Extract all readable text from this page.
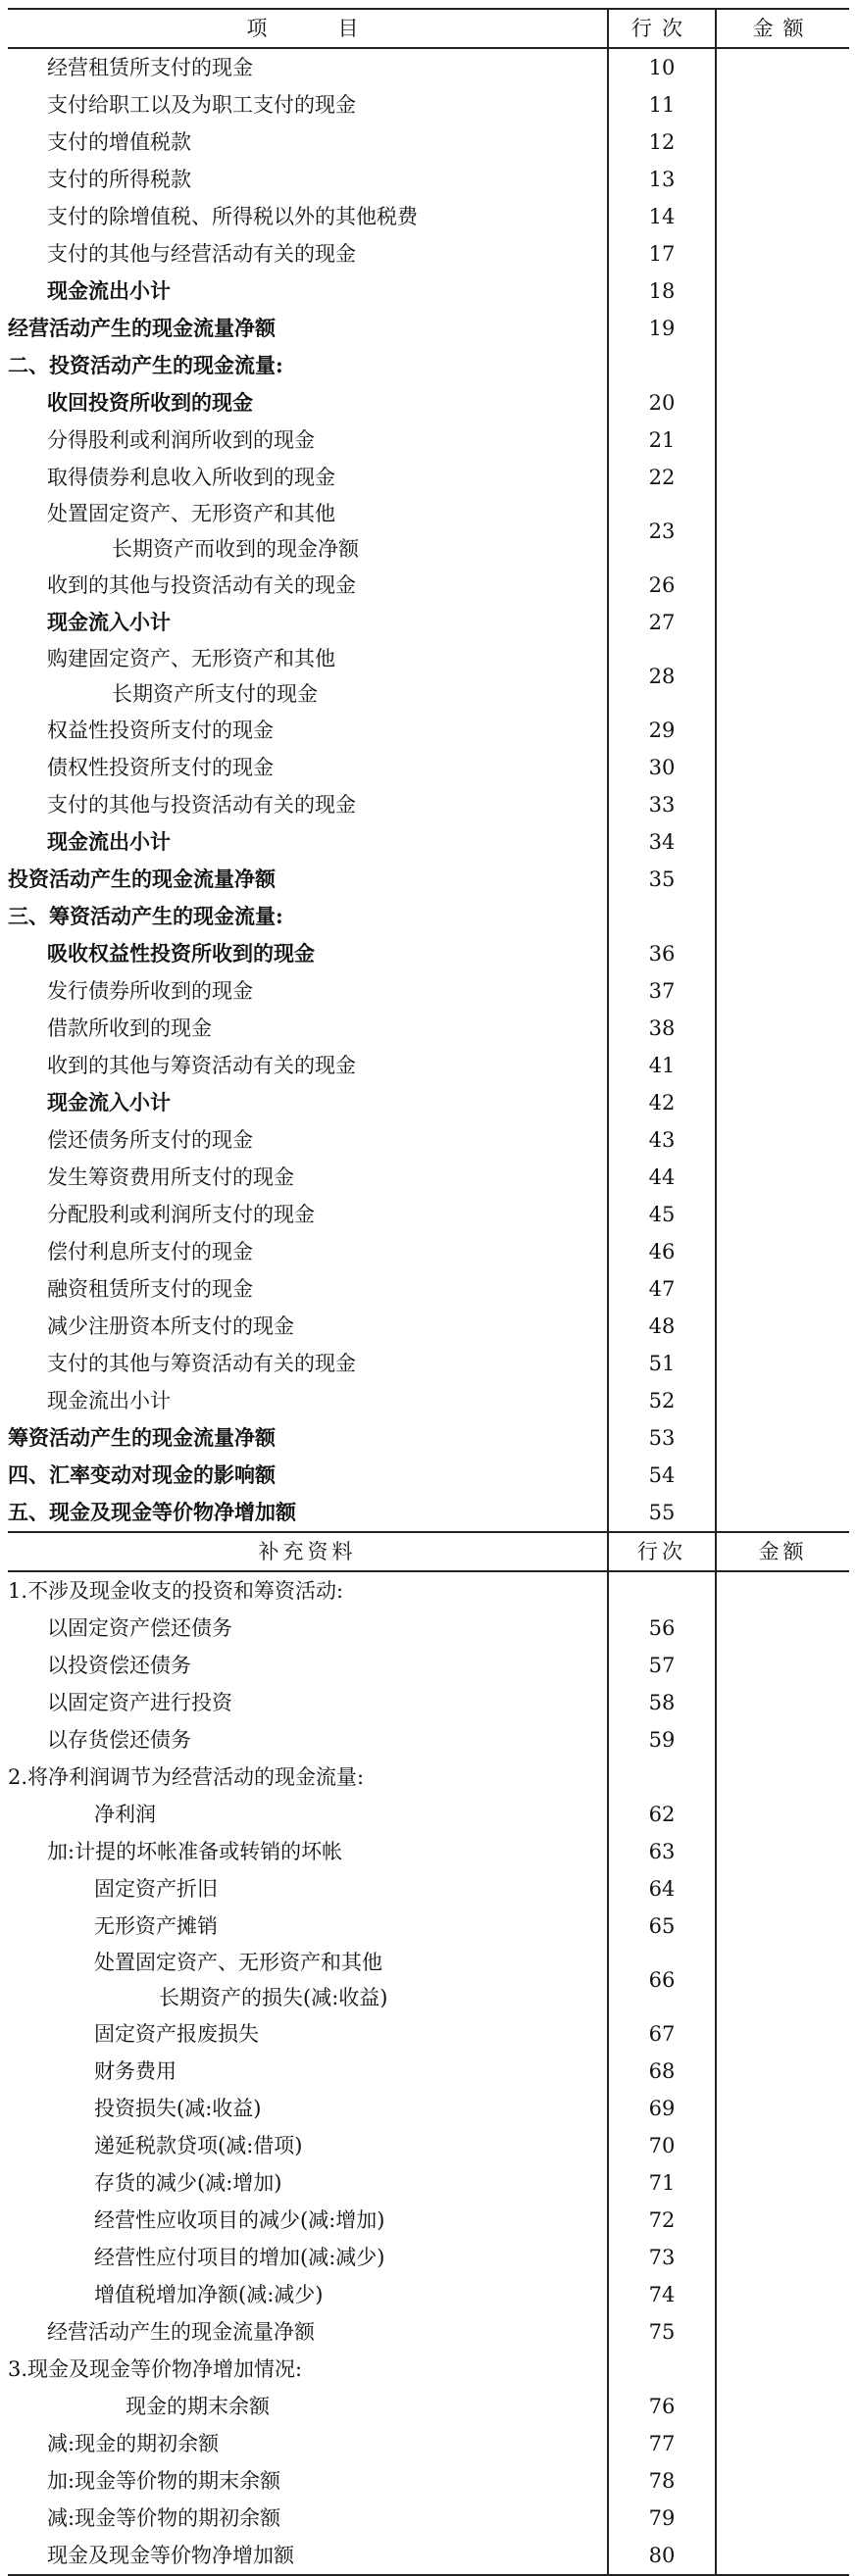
项　　目	行次	金额

经营租赁所支付的现金	10	

支付给职工以及为职工支付的现金	11	

支付的增值税款	12	

支付的所得税款	13	

支付的除增值税、所得税以外的其他税费	14	

支付的其他与经营活动有关的现金	17	

现金流出小计	18	

经营活动产生的现金流量净额	19	

二、投资活动产生的现金流量:		

收回投资所收到的现金	20	

分得股利或利润所收到的现金	21	

取得债券利息收入所收到的现金	22	

处置固定资产、无形资产和其他
长期资产而收到的现金净额	23	

收到的其他与投资活动有关的现金	26	

现金流入小计	27	

购建固定资产、无形资产和其他
长期资产所支付的现金	28	

权益性投资所支付的现金	29	

债权性投资所支付的现金	30	

支付的其他与投资活动有关的现金	33	

现金流出小计	34	

投资活动产生的现金流量净额	35	

三、筹资活动产生的现金流量:		

吸收权益性投资所收到的现金	36	

发行债券所收到的现金	37	

借款所收到的现金	38	

收到的其他与筹资活动有关的现金	41	

现金流入小计	42	

偿还债务所支付的现金	43	

发生筹资费用所支付的现金	44	

分配股利或利润所支付的现金	45	

偿付利息所支付的现金	46	

融资租赁所支付的现金	47	

减少注册资本所支付的现金	48	

支付的其他与筹资活动有关的现金	51	

现金流出小计	52	

筹资活动产生的现金流量净额	53	

四、汇率变动对现金的影响额	54	

五、现金及现金等价物净增加额	55	
补充资料	行次	金额

1.不涉及现金收支的投资和筹资活动:		

以固定资产偿还债务	56	

以投资偿还债务	57	

以固定资产进行投资	58	

以存货偿还债务	59	

2.将净利润调节为经营活动的现金流量:		

净利润	62	

加:计提的坏帐准备或转销的坏帐	63	

固定资产折旧	64	

无形资产摊销	65	

处置固定资产、无形资产和其他
长期资产的损失(减:收益)	66	

固定资产报废损失	67	

财务费用	68	

投资损失(减:收益)	69	

递延税款贷项(减:借项)	70	

存货的减少(减:增加)	71	

经营性应收项目的减少(减:增加)	72	

经营性应付项目的增加(减:减少)	73	

增值税增加净额(减:减少)	74	

经营活动产生的现金流量净额	75	

3.现金及现金等价物净增加情况:		

现金的期末余额	76	

减:现金的期初余额	77	

加:现金等价物的期末余额	78	

减:现金等价物的期初余额	79	

现金及现金等价物净增加额	80	
